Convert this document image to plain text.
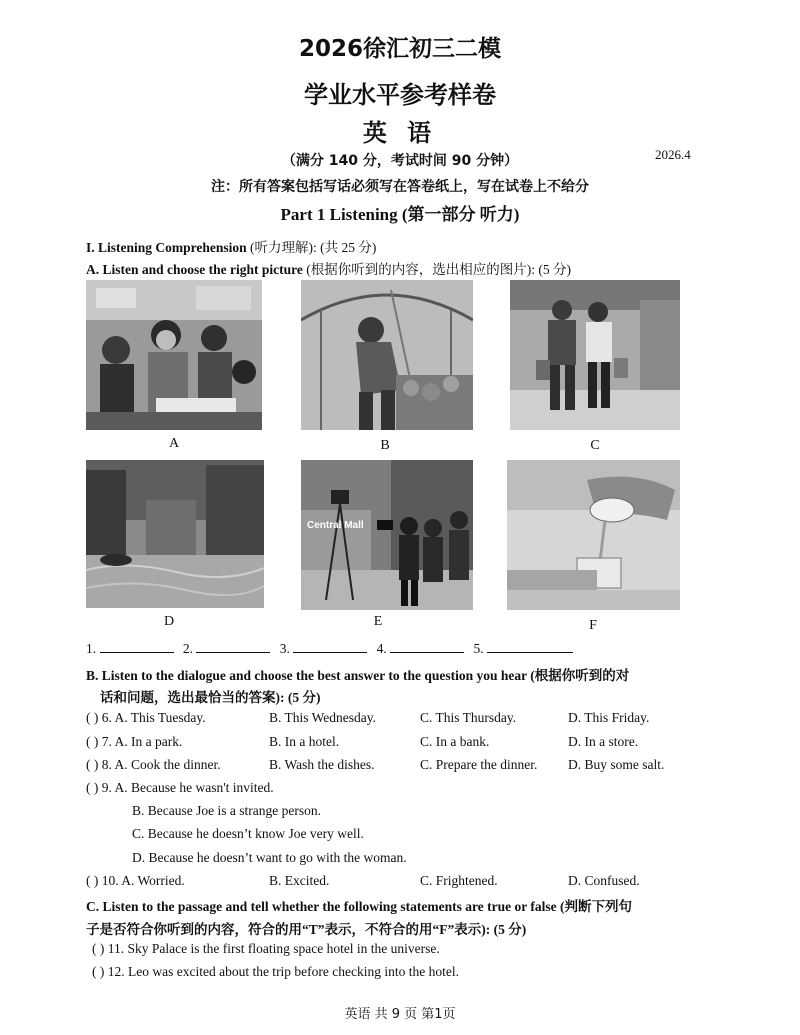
2026徐汇初三二模
学业水平参考样卷
英 语
（满分 140 分，考试时间 90 分钟）	2026.4
注：所有答案包括写话必须写在答卷纸上，写在试卷上不给分
Part 1 Listening (第一部分 听力)
I. Listening Comprehension (听力理解): (共 25 分)
A. Listen and choose the right picture (根据你听到的内容，选出相应的图片): (5 分)
A	B	C
D
Central Mall
E	F
1.	2.	3.	4.	5.
B. Listen to the dialogue and choose the best answer to the question you hear (根据你听到的对
话和问题，选出最恰当的答案): (5 分)
( ) 6. A. This Tuesday.	B. This Wednesday.	C. This Thursday.	D. This Friday.
( ) 7. A. In a park.	B. In a hotel.	C. In a bank.	D. In a store.
( ) 8. A. Cook the dinner.	B. Wash the dishes.	C. Prepare the dinner. D. Buy some salt.
( ) 9. A. Because he wasn't invited.
B. Because Joe is a strange person.
C. Because he doesn’t know Joe very well.
D. Because he doesn’t want to go with the woman.
( ) 10. A. Worried.	B. Excited.	C. Frightened.	D. Confused.
C. Listen to the passage and tell whether the following statements are true or false (判断下列句
子是否符合你听到的内容，符合的用“T”表示，不符合的用“F”表示): (5 分)
( ) 11. Sky Palace is the first floating space hotel in the universe.
( ) 12. Leo was excited about the trip before checking into the hotel.
英语 共 9 页 第1页
